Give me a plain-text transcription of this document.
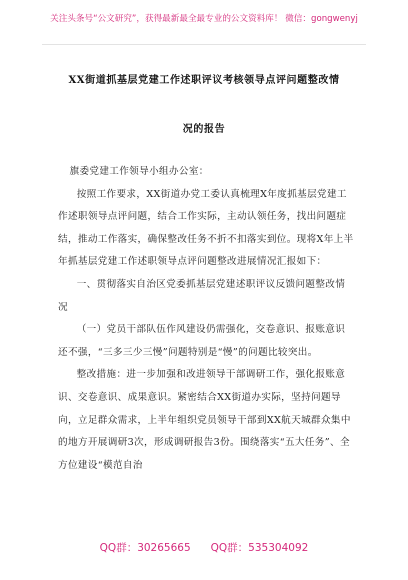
关注头条号“公文研究”，获得最新最全最专业的公文资料库！ 微信：gongwenyj
XX街道抓基层党建工作述职评议考核领导点评问题整改情
况的报告

旗委党建工作领导小组办公室：

按照工作要求，XX街道办党工委认真梳理X年度抓基层党建工作述职领导点评问题，结合工作实际，主动认领任务，找出问题症结，推动工作落实，确保整改任务不折不扣落实到位。现将X年上半年抓基层党建工作述职领导点评问题整改进展情况汇报如下：

一、贯彻落实自治区党委抓基层党建述职评议反馈问题整改情况

（一）党员干部队伍作风建设仍需强化，交卷意识、报账意识还不强，“三多三少三慢”问题特别是“慢”的问题比较突出。

整改措施：进一步加强和改进领导干部调研工作，强化报账意识、交卷意识、成果意识。紧密结合XX街道办实际，坚持问题导向，立足群众需求，上半年组织党员领导干部到XX航天城群众集中的地方开展调研3次，形成调研报告3份。围绕落实“五大任务”、全方位建设“模范自治

QQ群：30265665 QQ群：535304092
